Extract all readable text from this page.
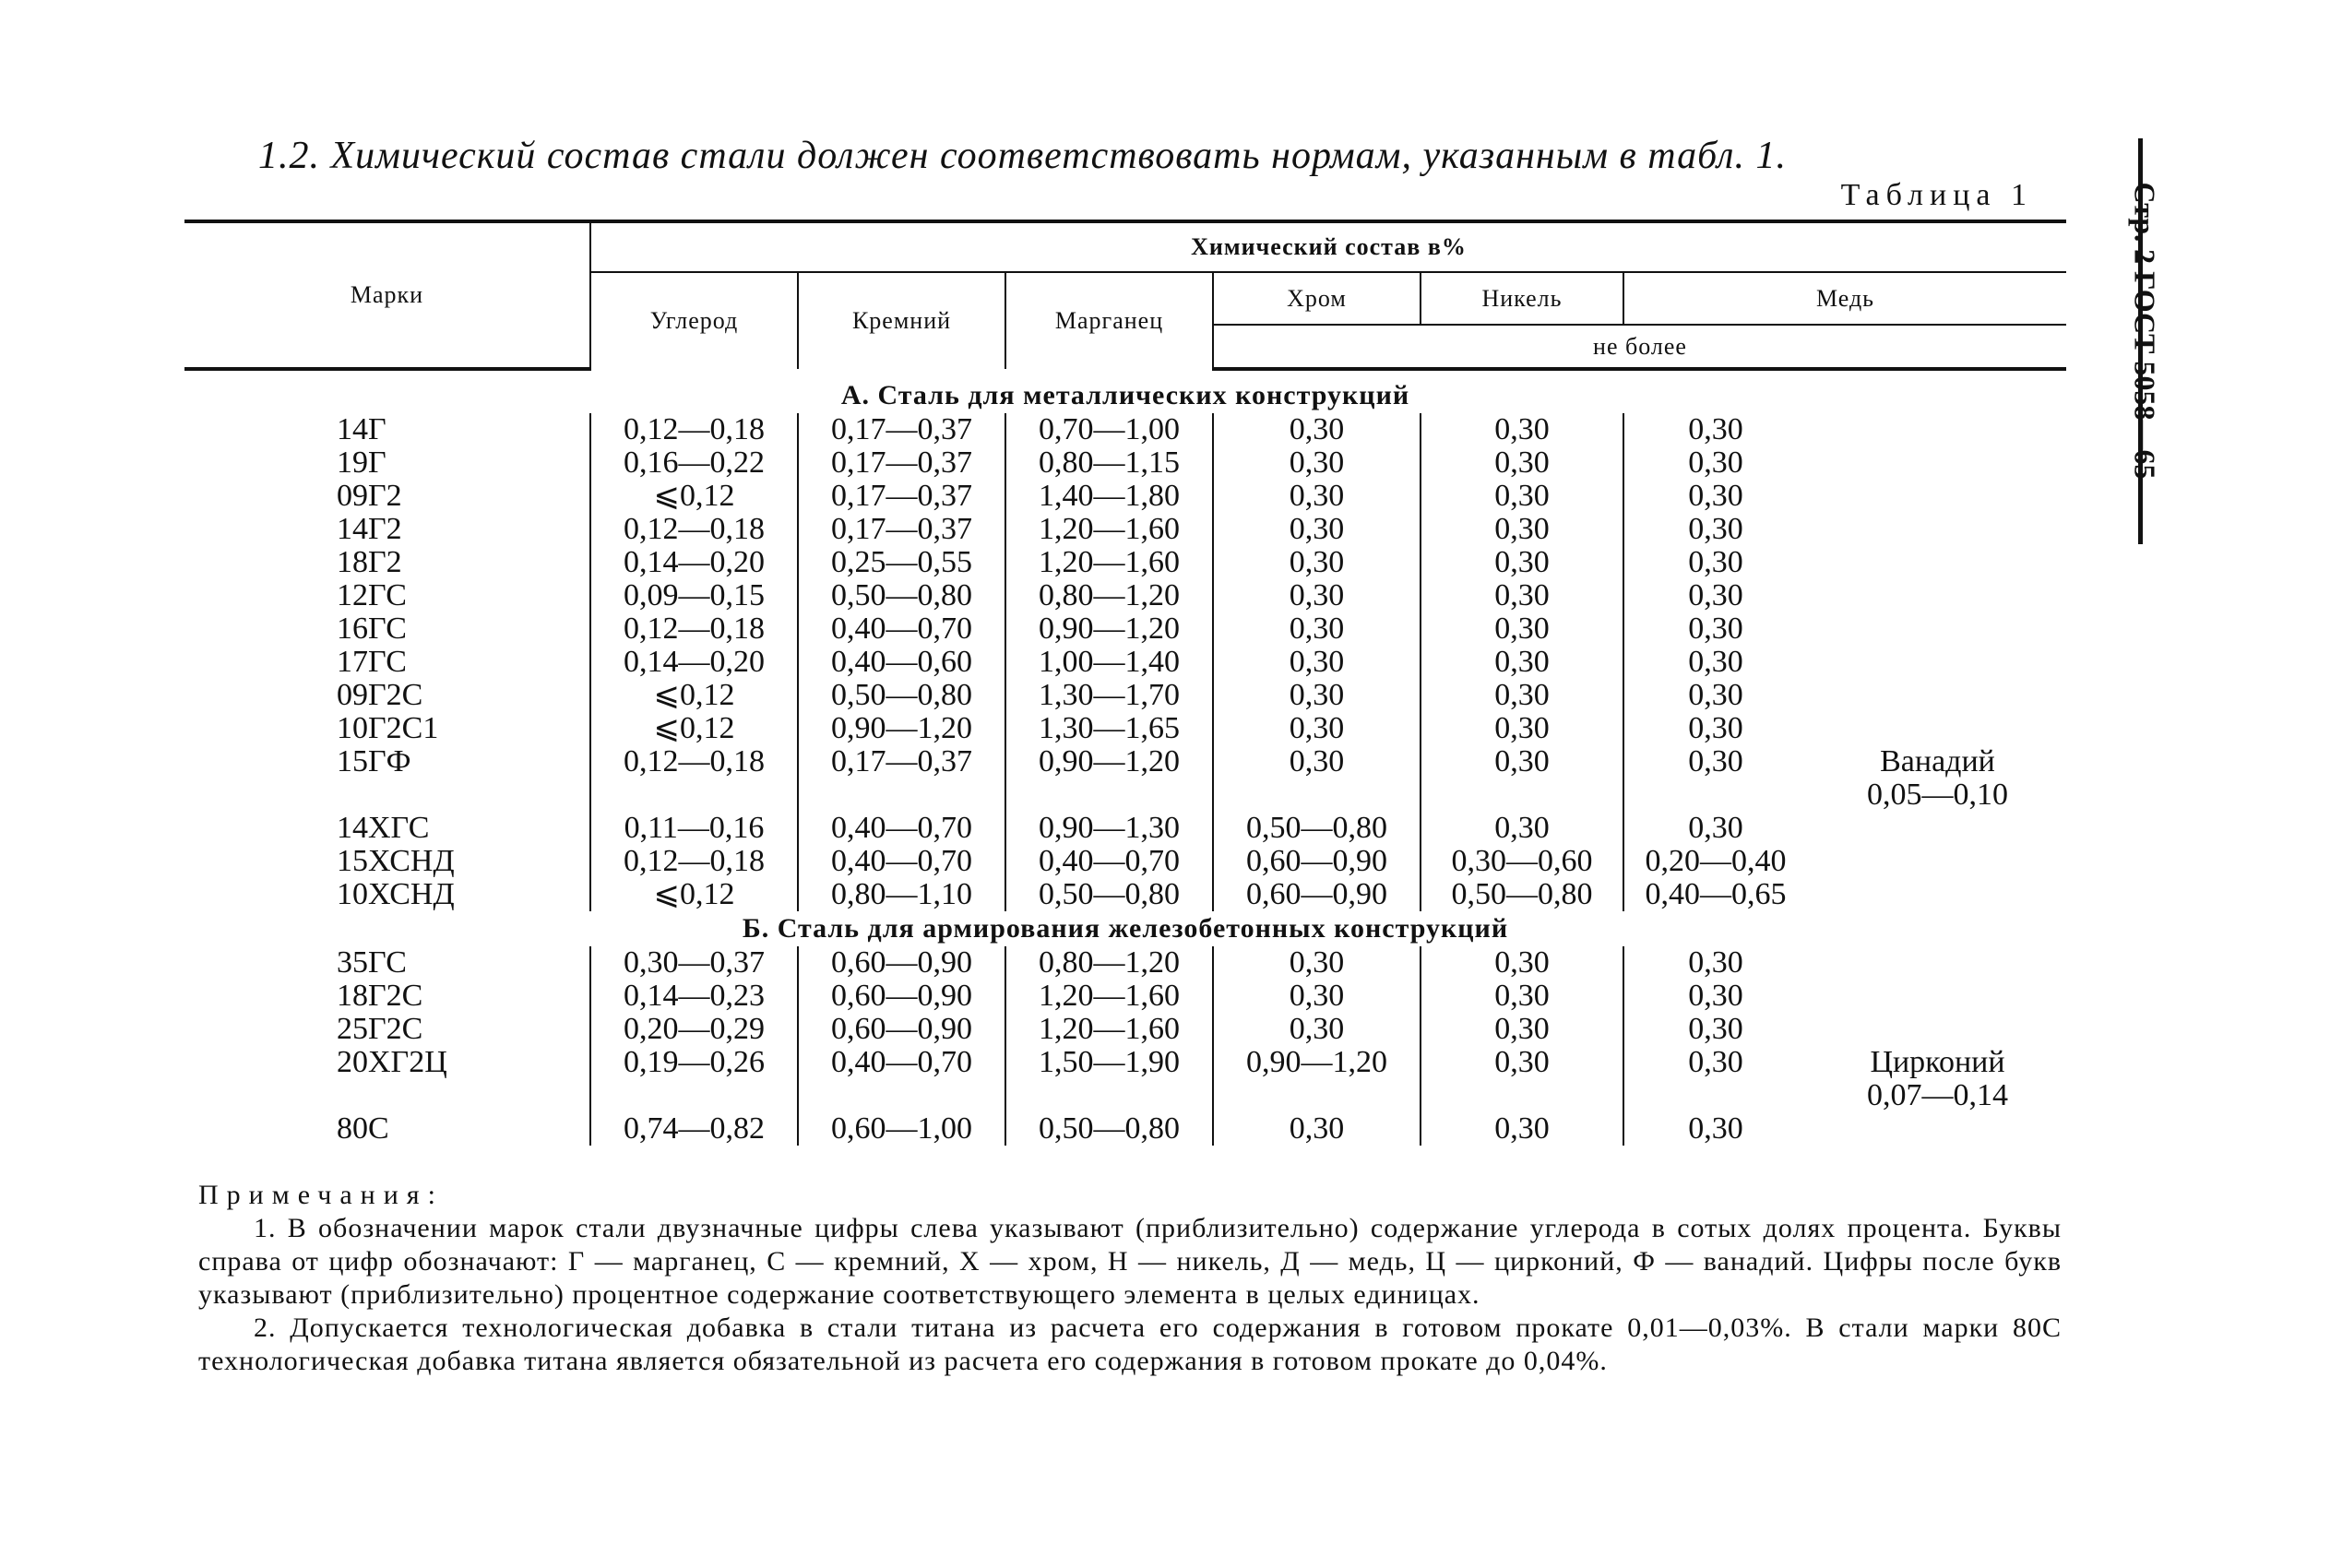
1.2. Химический состав стали должен соответствовать нормам, указанным в табл. 1.
Таблица 1	Стр. 2 ГОСТ 5058—65
Марки	Химический состав в%						
	Углерод	Кремний	Марганец	Хром	Никель	Медь	
				не более			

А. Сталь для металлических конструкций							
14Г	0,12—0,18	0,17—0,37	0,70—1,00	0,30	0,30	0,30	
19Г	0,16—0,22	0,17—0,37	0,80—1,15	0,30	0,30	0,30	
09Г2	⩽0,12	0,17—0,37	1,40—1,80	0,30	0,30	0,30	
14Г2	0,12—0,18	0,17—0,37	1,20—1,60	0,30	0,30	0,30	
18Г2	0,14—0,20	0,25—0,55	1,20—1,60	0,30	0,30	0,30	
12ГС	0,09—0,15	0,50—0,80	0,80—1,20	0,30	0,30	0,30	
16ГС	0,12—0,18	0,40—0,70	0,90—1,20	0,30	0,30	0,30	
17ГС	0,14—0,20	0,40—0,60	1,00—1,40	0,30	0,30	0,30	
09Г2С	⩽0,12	0,50—0,80	1,30—1,70	0,30	0,30	0,30	
10Г2С1	⩽0,12	0,90—1,20	1,30—1,65	0,30	0,30	0,30	
15ГФ	0,12—0,18	0,17—0,37	0,90—1,20	0,30	0,30	0,30	Ванадий
							0,05—0,10
14ХГС	0,11—0,16	0,40—0,70	0,90—1,30	0,50—0,80	0,30	0,30	
15ХСНД	0,12—0,18	0,40—0,70	0,40—0,70	0,60—0,90	0,30—0,60	0,20—0,40	
10ХСНД	⩽0,12	0,80—1,10	0,50—0,80	0,60—0,90	0,50—0,80	0,40—0,65	
Б. Сталь для армирования железобетонных конструкций							
35ГС	0,30—0,37	0,60—0,90	0,80—1,20	0,30	0,30	0,30	
18Г2С	0,14—0,23	0,60—0,90	1,20—1,60	0,30	0,30	0,30	
25Г2С	0,20—0,29	0,60—0,90	1,20—1,60	0,30	0,30	0,30	
20ХГ2Ц	0,19—0,26	0,40—0,70	1,50—1,90	0,90—1,20	0,30	0,30	Цирконий
							0,07—0,14
80С	0,74—0,82	0,60—1,00	0,50—0,80	0,30	0,30	0,30	
Примечания:

1. В обозначении марок стали двузначные цифры слева указывают (приблизительно) содержание углерода в сотых долях процента. Буквы справа от цифр обозначают: Г — марганец, С — кремний, Х — хром, Н — никель, Д — медь, Ц — цирконий, Ф — ванадий. Цифры после букв указывают (приблизительно) процентное содержание соответствующего элемента в целых единицах.

2. Допускается технологическая добавка в стали титана из расчета его содержания в готовом прокате 0,01—0,03%. В стали марки 80С технологическая добавка титана является обязательной из расчета его содержания в готовом прокате до 0,04%.
